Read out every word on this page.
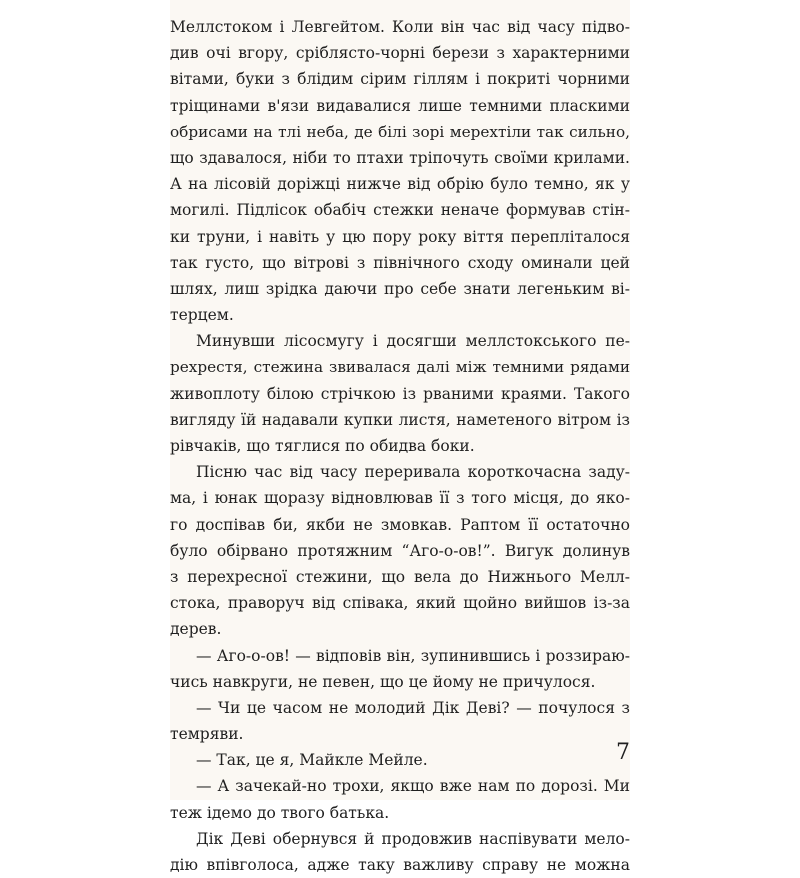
Меллстоком і Левгейтом. Коли він час від часу підво-
див очі вгору, сріблясто-чорні берези з характерними
вітами, буки з блідим сірим гіллям і покриті чорними
тріщинами в'язи видавалися лише темними пласкими
обрисами на тлі неба, де білі зорі мерехтіли так сильно,
що здавалося, ніби то птахи тріпочуть своїми крилами.
А на лісовій доріжці нижче від обрію було темно, як у
могилі. Підлісок обабіч стежки неначе формував стін-
ки труни, і навіть у цю пору року віття перепліталося
так густо, що вітрові з північного сходу оминали цей
шлях, лиш зрідка даючи про себе знати легеньким ві-
терцем.
Минувши лісосмугу і досягши меллстокського пе-
рехрестя, стежина звивалася далі між темними рядами
живоплоту білою стрічкою із рваними краями. Такого
вигляду їй надавали купки листя, наметеного вітром із
рівчаків, що тяглися по обидва боки.
Пісню час від часу переривала короткочасна заду-
ма, і юнак щоразу відновлював її з того місця, до яко-
го доспівав би, якби не змовкав. Раптом її остаточно
було обірвано протяжним “Аго-о-ов!”. Вигук долинув
з перехресної стежини, що вела до Нижнього Мелл-
стока, праворуч від співака, який щойно вийшов із-за
дерев.
— Аго-о-ов! — відповів він, зупинившись і роззираю-
чись навкруги, не певен, що це йому не причулося.
— Чи це часом не молодий Дік Деві? — почулося з
темряви.
— Так, це я, Майкле Мейле.
— А зачекай-но трохи, якщо вже нам по дорозі. Ми
теж ідемо до твого батька.
Дік Деві обернувся й продовжив наспівувати мело-
дію впівголоса, адже таку важливу справу не можна
7
